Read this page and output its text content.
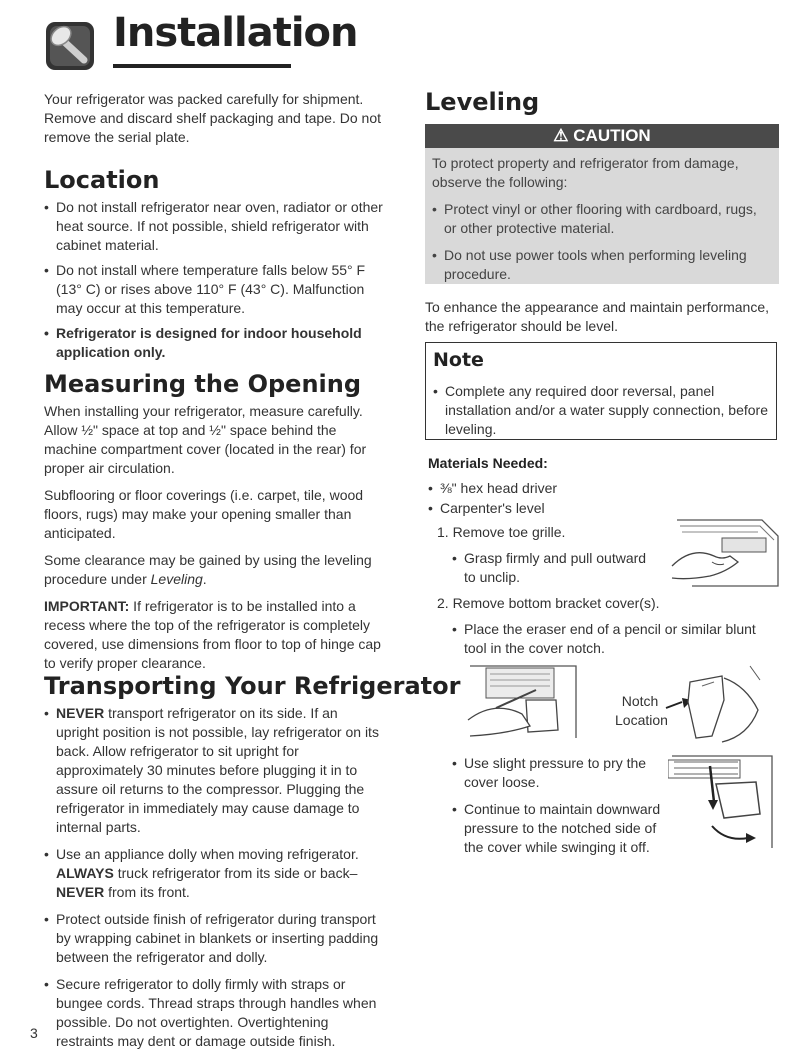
Installation

Your refrigerator was packed carefully for shipment. Remove and discard shelf packaging and tape. Do not remove the serial plate.

Location
• Do not install refrigerator near oven, radiator or other heat source. If not possible, shield refrigerator with cabinet material.
• Do not install where temperature falls below 55° F (13° C) or rises above 110° F (43° C). Malfunction may occur at this temperature.
• Refrigerator is designed for indoor household application only.
Measuring the Opening

When installing your refrigerator, measure carefully. Allow ½" space at top and ½" space behind the machine compartment cover (located in the rear) for proper air circulation.

Subflooring or floor coverings (i.e. carpet, tile, wood floors, rugs) may make your opening smaller than anticipated.

Some clearance may be gained by using the leveling procedure under Leveling.

IMPORTANT: If refrigerator is to be installed into a recess where the top of the refrigerator is completely covered, use dimensions from floor to top of hinge cap to verify proper clearance.

Transporting Your Refrigerator
• NEVER transport refrigerator on its side. If an upright position is not possible, lay refrigerator on its back. Allow refrigerator to sit upright for approximately 30 minutes before plugging it in to assure oil returns to the compressor. Plugging the refrigerator in immediately may cause damage to internal parts.
• Use an appliance dolly when moving refrigerator. ALWAYS truck refrigerator from its side or back–NEVER from its front.
• Protect outside finish of refrigerator during transport by wrapping cabinet in blankets or inserting padding between the refrigerator and dolly.
• Secure refrigerator to dolly firmly with straps or bungee cords. Thread straps through handles when possible. Do not overtighten. Overtightening restraints may dent or damage outside finish.
3
Leveling
⚠ CAUTION

To protect property and refrigerator from damage, observe the following:

• Protect vinyl or other flooring with cardboard, rugs, or other protective material.
• Do not use power tools when performing leveling procedure.

To enhance the appearance and maintain performance, the refrigerator should be level.

Note
• Complete any required door reversal, panel installation and/or a water supply connection, before leveling.
Materials Needed:
• ⅜" hex head driver
• Carpenter's level
1. Remove toe grille.
• Grasp firmly and pull outward to unclip.
2. Remove bottom bracket cover(s).
• Place the eraser end of a pencil or similar blunt tool in the cover notch.
Notch
Location
• Use slight pressure to pry the cover loose.
• Continue to maintain downward pressure to the notched side of the cover while swinging it off.
